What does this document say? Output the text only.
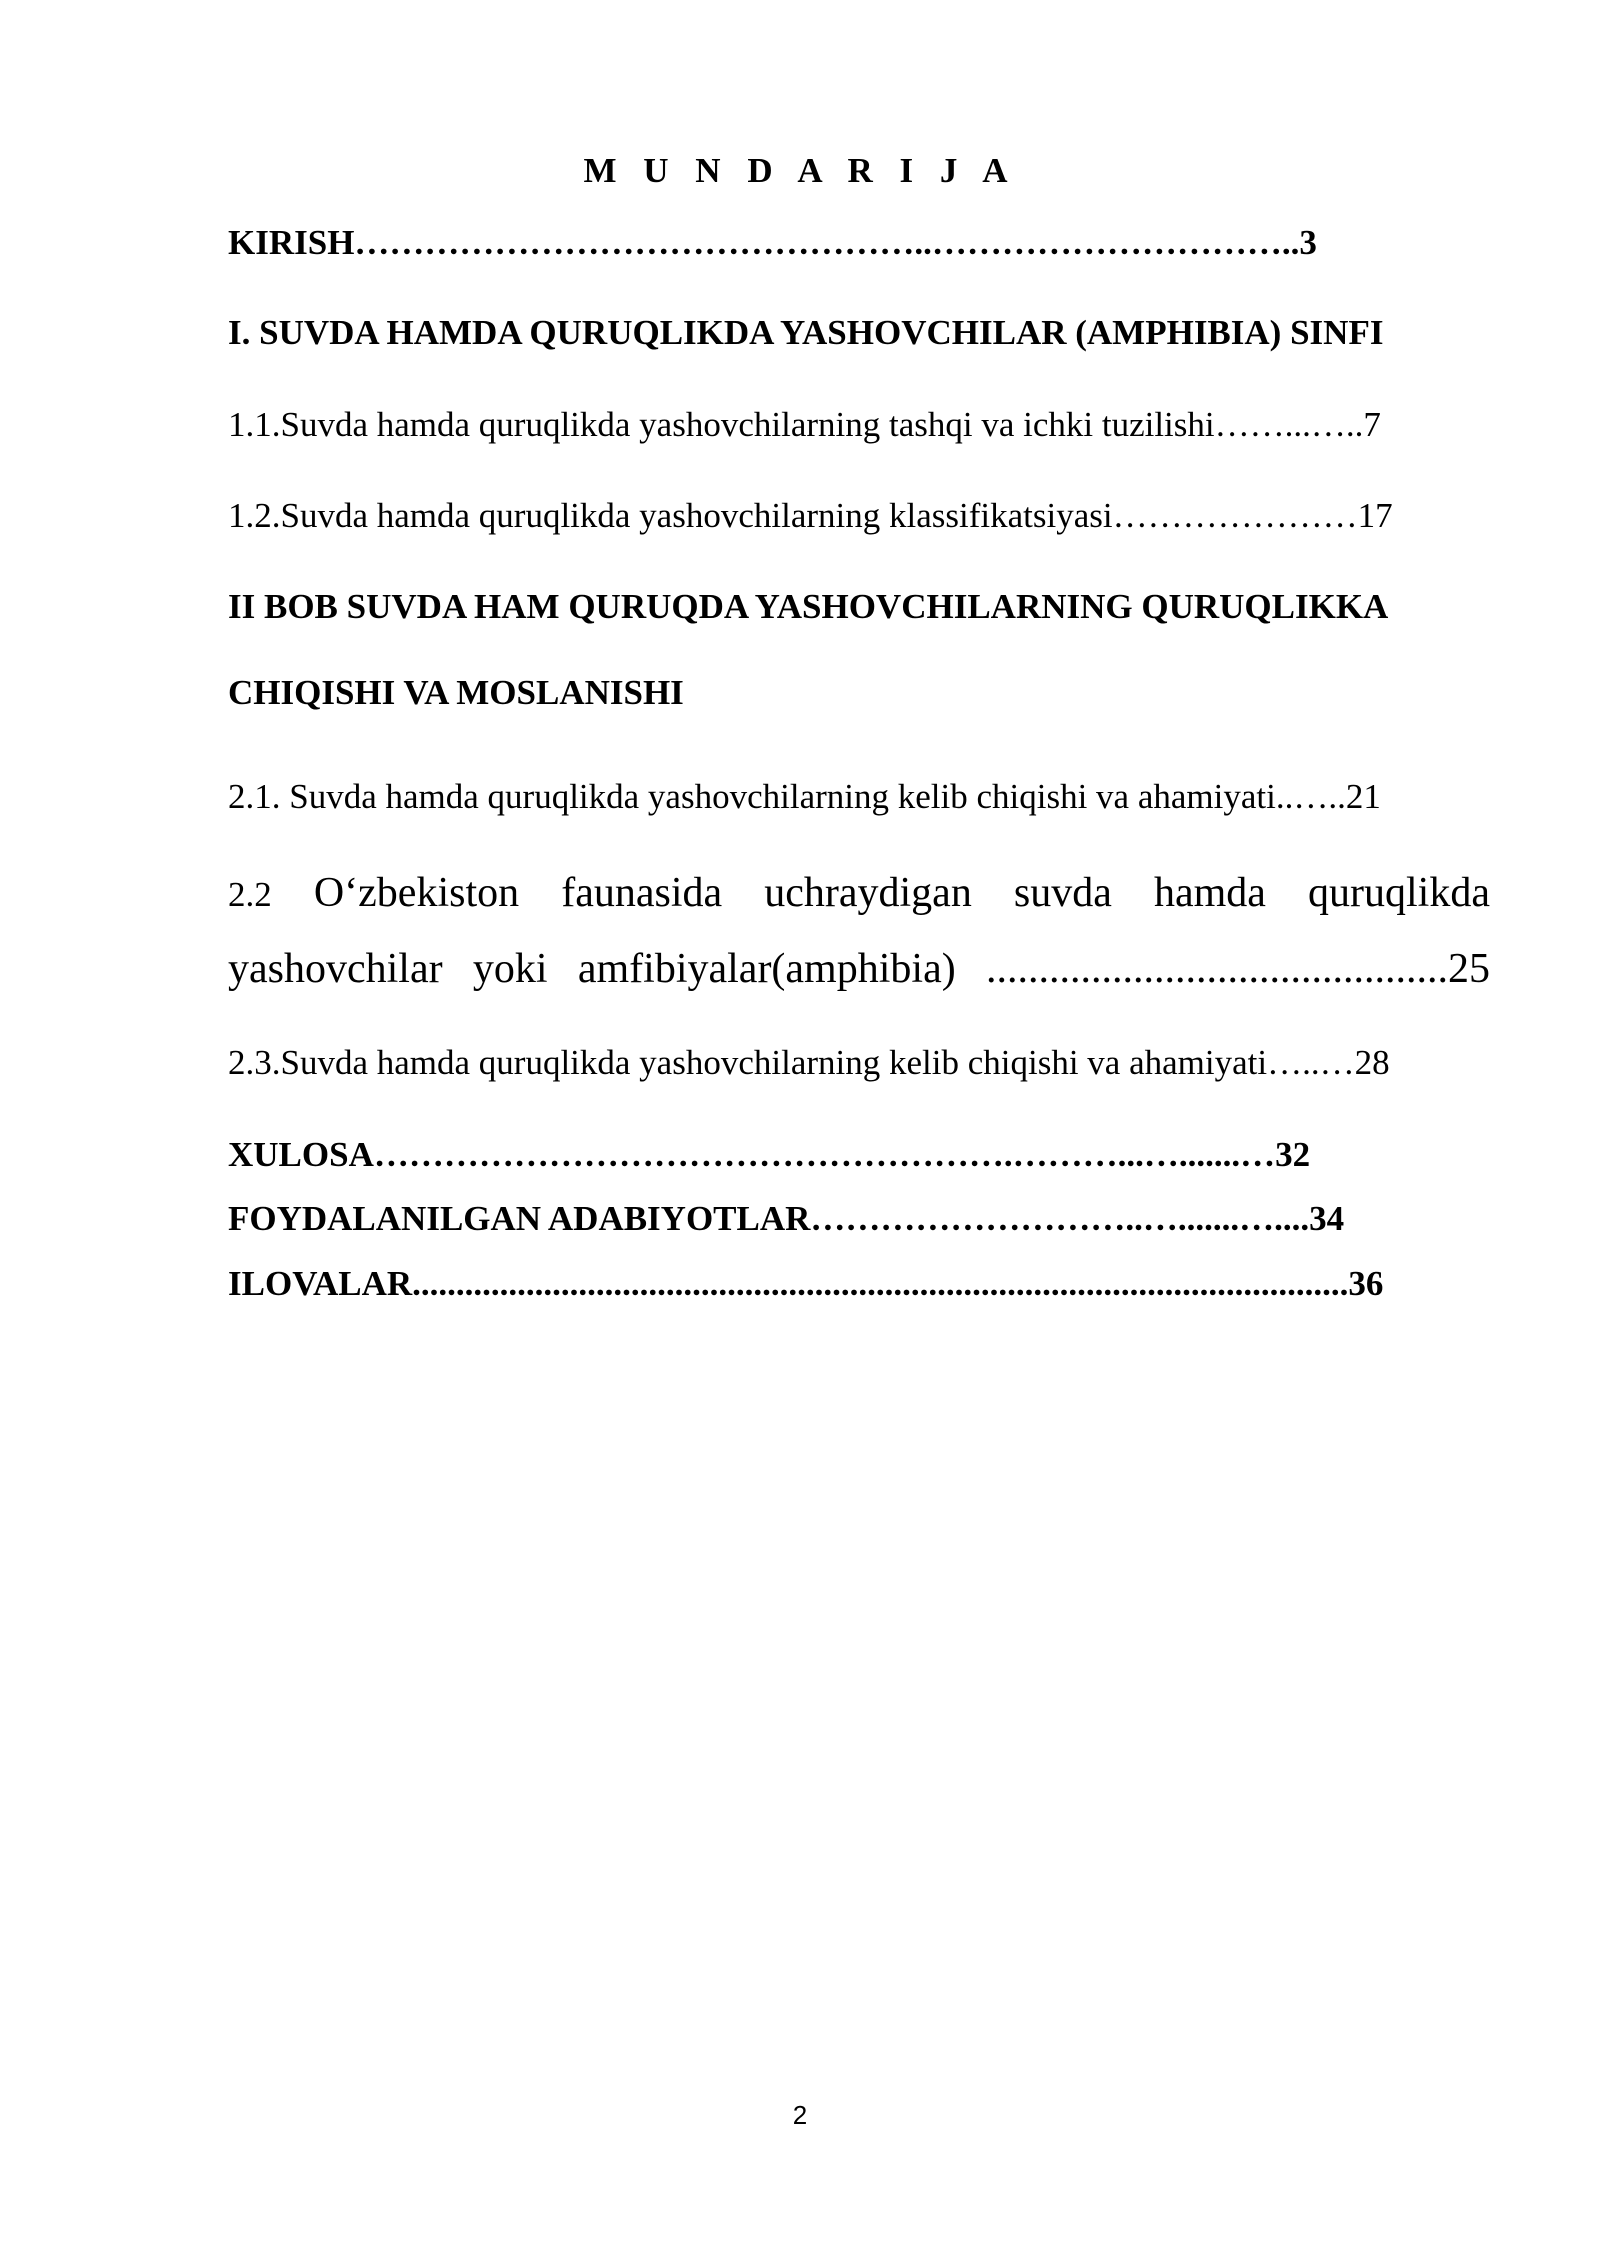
M U N D A R I J A
KIRISH…………………………………………..…………………………..3
I. SUVDA HAMDA QURUQLIKDA YASHOVCHILAR (AMPHIBIA) SINFI
1.1.Suvda hamda quruqlikda yashovchilarning tashqi va ichki tuzilishi……...…..7
1.2.Suvda hamda quruqlikda yashovchilarning klassifikatsiyasi…………………17
II BOB SUVDA HAM QURUQDA YASHOVCHILARNING QURUQLIKKA
CHIQISHI VA MOSLANISHI
2.1. Suvda hamda quruqlikda yashovchilarning kelib chiqishi va ahamiyati..…..21
2.2 O‘zbekiston faunasida uchraydigan suvda hamda quruqlikda
yashovchilar yoki amfibiyalar(amphibia) ............................................25
2.3.Suvda hamda quruqlikda yashovchilarning kelib chiqishi va ahamiyati…..…28
XULOSA……………………………………………….………...….......…32
FOYDALANILGAN ADABIYOTLAR………………………..….......…....34
ILOVALAR...........................................................................................................36
2
